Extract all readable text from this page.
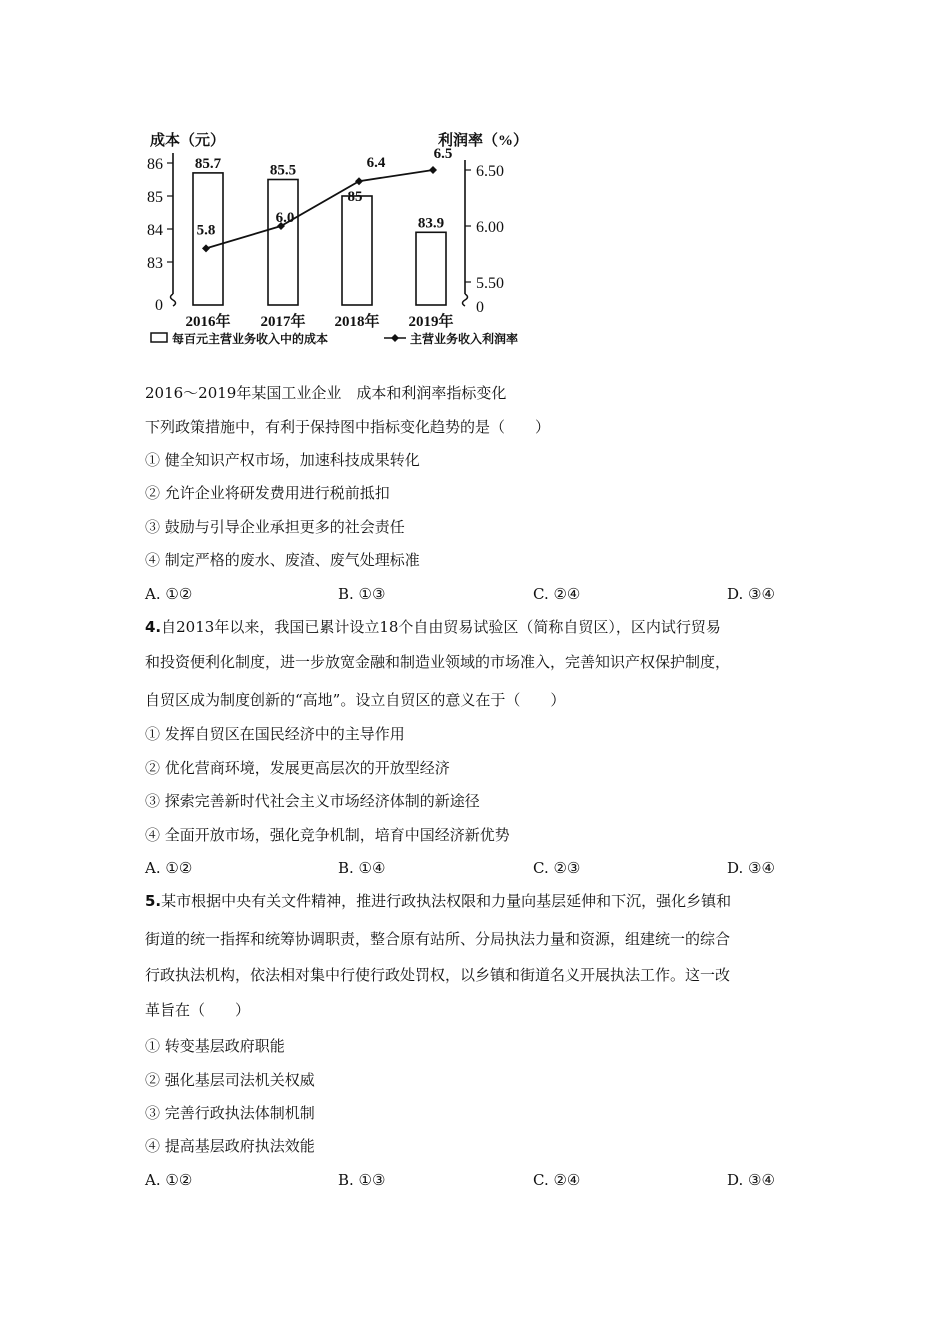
成本（元）	利润率（%）
86
85
84
83
0
6.50
6.00
5.50
0
85.7
2016年
85.5
2017年
85
2018年
83.9
2019年
5.8
6.0
6.4
6.5
每百元主营业务收入中的成本	主营业务收入利润率
2016～2019年某国工业企业　成本和利润率指标变化
下列政策措施中，有利于保持图中指标变化趋势的是（　　）
① 健全知识产权市场，加速科技成果转化
② 允许企业将研发费用进行税前抵扣
③ 鼓励与引导企业承担更多的社会责任
④ 制定严格的废水、废渣、废气处理标准
A. ①②	B. ①③	C. ②④	D. ③④
4.自2013年以来，我国已累计设立18个自由贸易试验区（简称自贸区），区内试行贸易
和投资便利化制度，进一步放宽金融和制造业领域的市场准入，完善知识产权保护制度，
自贸区成为制度创新的“高地”。设立自贸区的意义在于（　　）
① 发挥自贸区在国民经济中的主导作用
② 优化营商环境，发展更高层次的开放型经济
③ 探索完善新时代社会主义市场经济体制的新途径
④ 全面开放市场，强化竞争机制，培育中国经济新优势
A. ①②	B. ①④	C. ②③	D. ③④
5.某市根据中央有关文件精神，推进行政执法权限和力量向基层延伸和下沉，强化乡镇和
街道的统一指挥和统筹协调职责，整合原有站所、分局执法力量和资源，组建统一的综合
行政执法机构，依法相对集中行使行政处罚权，以乡镇和街道名义开展执法工作。这一改
革旨在（　　）
① 转变基层政府职能
② 强化基层司法机关权威
③ 完善行政执法体制机制
④ 提高基层政府执法效能
A. ①②	B. ①③	C. ②④	D. ③④
